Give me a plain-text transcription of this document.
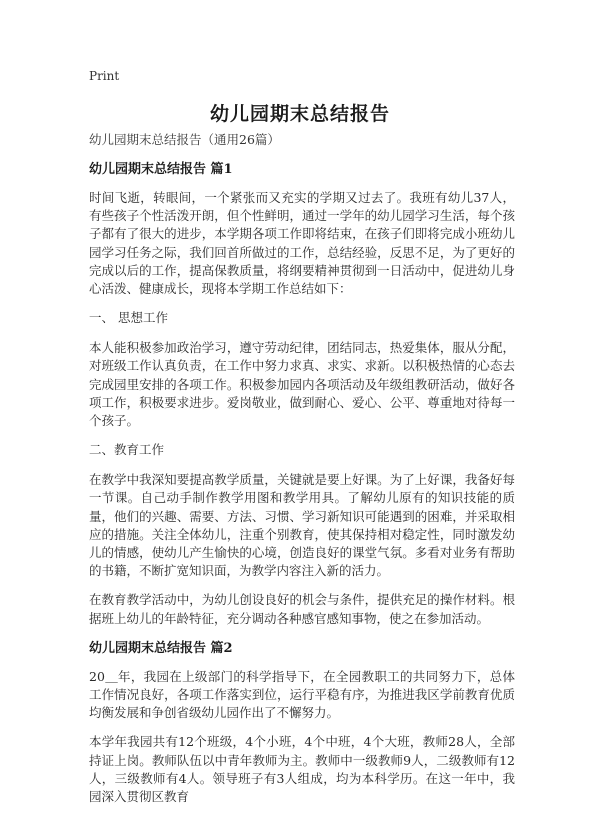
Print
幼儿园期末总结报告

幼儿园期末总结报告（通用26篇）

幼儿园期末总结报告 篇1

时间飞逝，转眼间，一个紧张而又充实的学期又过去了。我班有幼儿37人，有些孩子个性活泼开朗，但个性鲜明，通过一学年的幼儿园学习生活，每个孩子都有了很大的进步，本学期各项工作即将结束，在孩子们即将完成小班幼儿园学习任务之际，我们回首所做过的工作，总结经验，反思不足，为了更好的完成以后的工作，提高保教质量，将纲要精神贯彻到一日活动中，促进幼儿身心活泼、健康成长，现将本学期工作总结如下：

一、 思想工作

本人能积极参加政治学习，遵守劳动纪律，团结同志，热爱集体，服从分配，对班级工作认真负责，在工作中努力求真、求实、求新。以积极热情的心态去完成园里安排的各项工作。积极参加园内各项活动及年级组教研活动，做好各项工作，积极要求进步。爱岗敬业，做到耐心、爱心、公平、尊重地对待每一个孩子。

二、教育工作

在教学中我深知要提高教学质量，关键就是要上好课。为了上好课，我备好每一节课。自己动手制作教学用图和教学用具。了解幼儿原有的知识技能的质量，他们的兴趣、需要、方法、习惯、学习新知识可能遇到的困难，并采取相应的措施。关注全体幼儿，注重个别教育，使其保持相对稳定性，同时激发幼儿的情感，使幼儿产生愉快的心境，创造良好的课堂气氛。多看对业务有帮助的书籍，不断扩宽知识面，为教学内容注入新的活力。

在教育教学活动中，为幼儿创设良好的机会与条件，提供充足的操作材料。根据班上幼儿的年龄特征，充分调动各种感官感知事物，使之在参加活动。

幼儿园期末总结报告 篇2

20＿年，我园在上级部门的科学指导下，在全园教职工的共同努力下，总体工作情况良好，各项工作落实到位，运行平稳有序，为推进我区学前教育优质均衡发展和争创省级幼儿园作出了不懈努力。

本学年我园共有12个班级，4个小班，4个中班，4个大班，教师28人，全部持证上岗。教师队伍以中青年教师为主。教师中一级教师9人，二级教师有12人，三级教师有4人。领导班子有3人组成，均为本科学历。在这一年中，我园深入贯彻区教育
